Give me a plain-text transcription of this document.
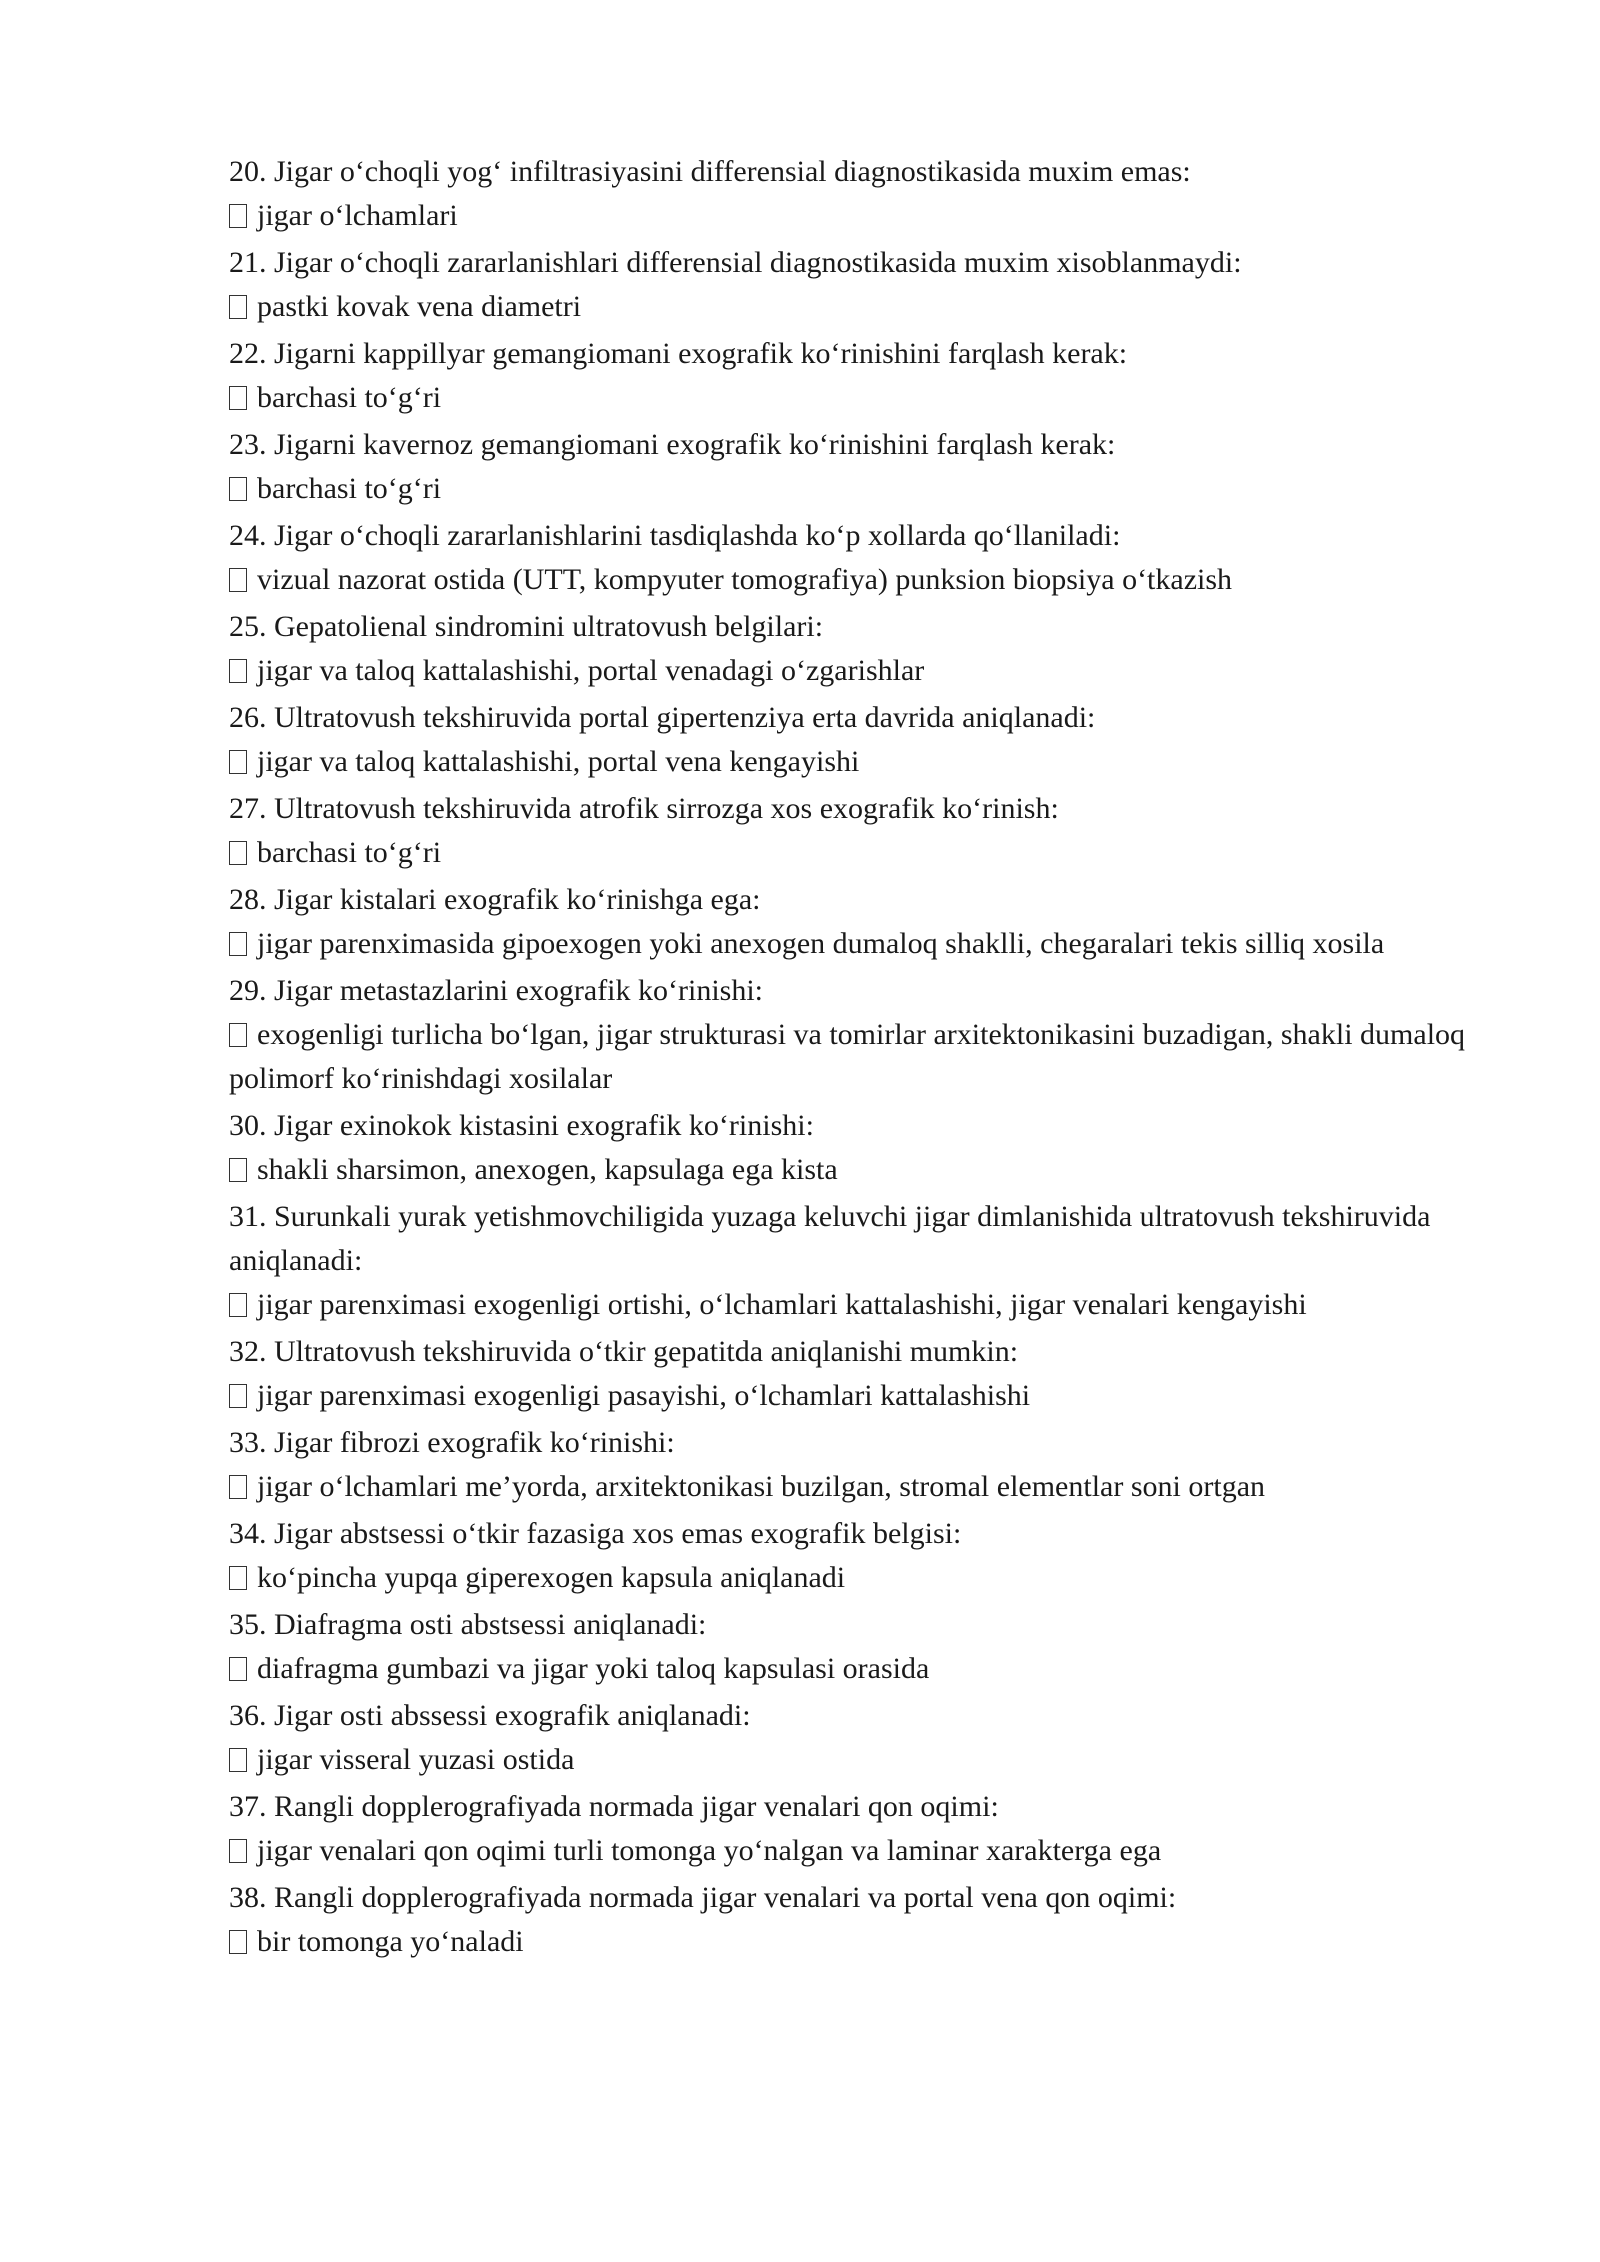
20. Jigar o‘choqli yog‘ infiltrasiyasini differensial diagnostikasida muxim emas:

jigar o‘lchamlari

21. Jigar o‘choqli zararlanishlari differensial diagnostikasida muxim xisoblanmaydi:

pastki kovak vena diametri

22. Jigarni kappillyar gemangiomani exografik ko‘rinishini farqlash kerak:

barchasi to‘g‘ri

23. Jigarni kavernoz gemangiomani exografik ko‘rinishini farqlash kerak:

barchasi to‘g‘ri

24. Jigar o‘choqli zararlanishlarini tasdiqlashda ko‘p xollarda qo‘llaniladi:

vizual nazorat ostida (UTT, kompyuter tomografiya) punksion biopsiya o‘tkazish

25. Gepatolienal sindromini ultratovush belgilari:

jigar va taloq kattalashishi, portal venadagi o‘zgarishlar

26. Ultratovush tekshiruvida portal gipertenziya erta davrida aniqlanadi:

jigar va taloq kattalashishi, portal vena kengayishi

27. Ultratovush tekshiruvida atrofik sirrozga xos exografik ko‘rinish:

barchasi to‘g‘ri

28. Jigar kistalari exografik ko‘rinishga ega:

jigar parenximasida gipoexogen yoki anexogen dumaloq shaklli, chegaralari tekis silliq xosila

29. Jigar metastazlarini exografik ko‘rinishi:

exogenligi turlicha bo‘lgan, jigar strukturasi va tomirlar arxitektonikasini buzadigan, shakli dumaloq polimorf ko‘rinishdagi xosilalar

30. Jigar exinokok kistasini exografik ko‘rinishi:

shakli sharsimon, anexogen, kapsulaga ega kista

31. Surunkali yurak yetishmovchiligida yuzaga keluvchi jigar dimlanishida ultratovush tekshiruvida aniqlanadi:

jigar parenximasi exogenligi ortishi, o‘lchamlari kattalashishi, jigar venalari kengayishi

32. Ultratovush tekshiruvida o‘tkir gepatitda aniqlanishi mumkin:

jigar parenximasi exogenligi pasayishi, o‘lchamlari kattalashishi

33. Jigar fibrozi exografik ko‘rinishi:

jigar o‘lchamlari me’yorda, arxitektonikasi buzilgan, stromal elementlar soni ortgan

34. Jigar abstsessi o‘tkir fazasiga xos emas exografik belgisi:

ko‘pincha yupqa giperexogen kapsula aniqlanadi

35. Diafragma osti abstsessi aniqlanadi:

diafragma gumbazi va jigar yoki taloq kapsulasi orasida

36. Jigar osti abssessi exografik aniqlanadi:

jigar visseral yuzasi ostida

37. Rangli dopplerografiyada normada jigar venalari qon oqimi:

jigar venalari qon oqimi turli tomonga yo‘nalgan va laminar xarakterga ega

38. Rangli dopplerografiyada normada jigar venalari va portal vena qon oqimi:

bir tomonga yo‘naladi
